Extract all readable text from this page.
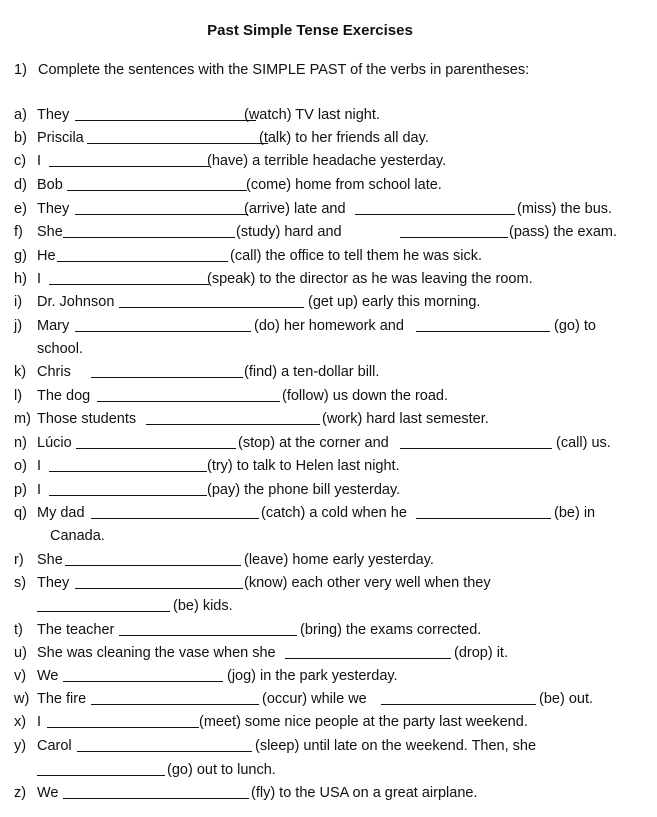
Past Simple Tense Exercises
1) Complete the sentences with the SIMPLE PAST of the verbs in parentheses:
a) They	(watch) TV last night.
b) Priscila	(talk) to her friends all day.
c) I	(have) a terrible headache yesterday.
d) Bob	(come) home from school late.
e) They	(arrive) late and	(miss) the bus.
f) She	(study) hard and	(pass) the exam.
g) He	(call) the office to tell them he was sick.
h) I	(speak) to the director as he was leaving the room.
i) Dr. Johnson	(get up) early this morning.
j) Mary	(do) her homework and	(go) to
school.
k) Chris	(find) a ten-dollar bill.
l) The dog	(follow) us down the road.
m) Those students	(work) hard last semester.
n) Lúcio	(stop) at the corner and	(call) us.
o) I	(try) to talk to Helen last night.
p) I	(pay) the phone bill yesterday.
q) My dad	(catch) a cold when he	(be) in
Canada.
r) She	(leave) home early yesterday.
s) They	(know) each other very well when they
(be) kids.
t) The teacher	(bring) the exams corrected.
u) She was cleaning the vase when she	(drop) it.
v) We	(jog) in the park yesterday.
w) The fire	(occur) while we	(be) out.
x) I	(meet) some nice people at the party last weekend.
y) Carol	(sleep) until late on the weekend. Then, she
(go) out to lunch.
z) We	(fly) to the USA on a great airplane.
